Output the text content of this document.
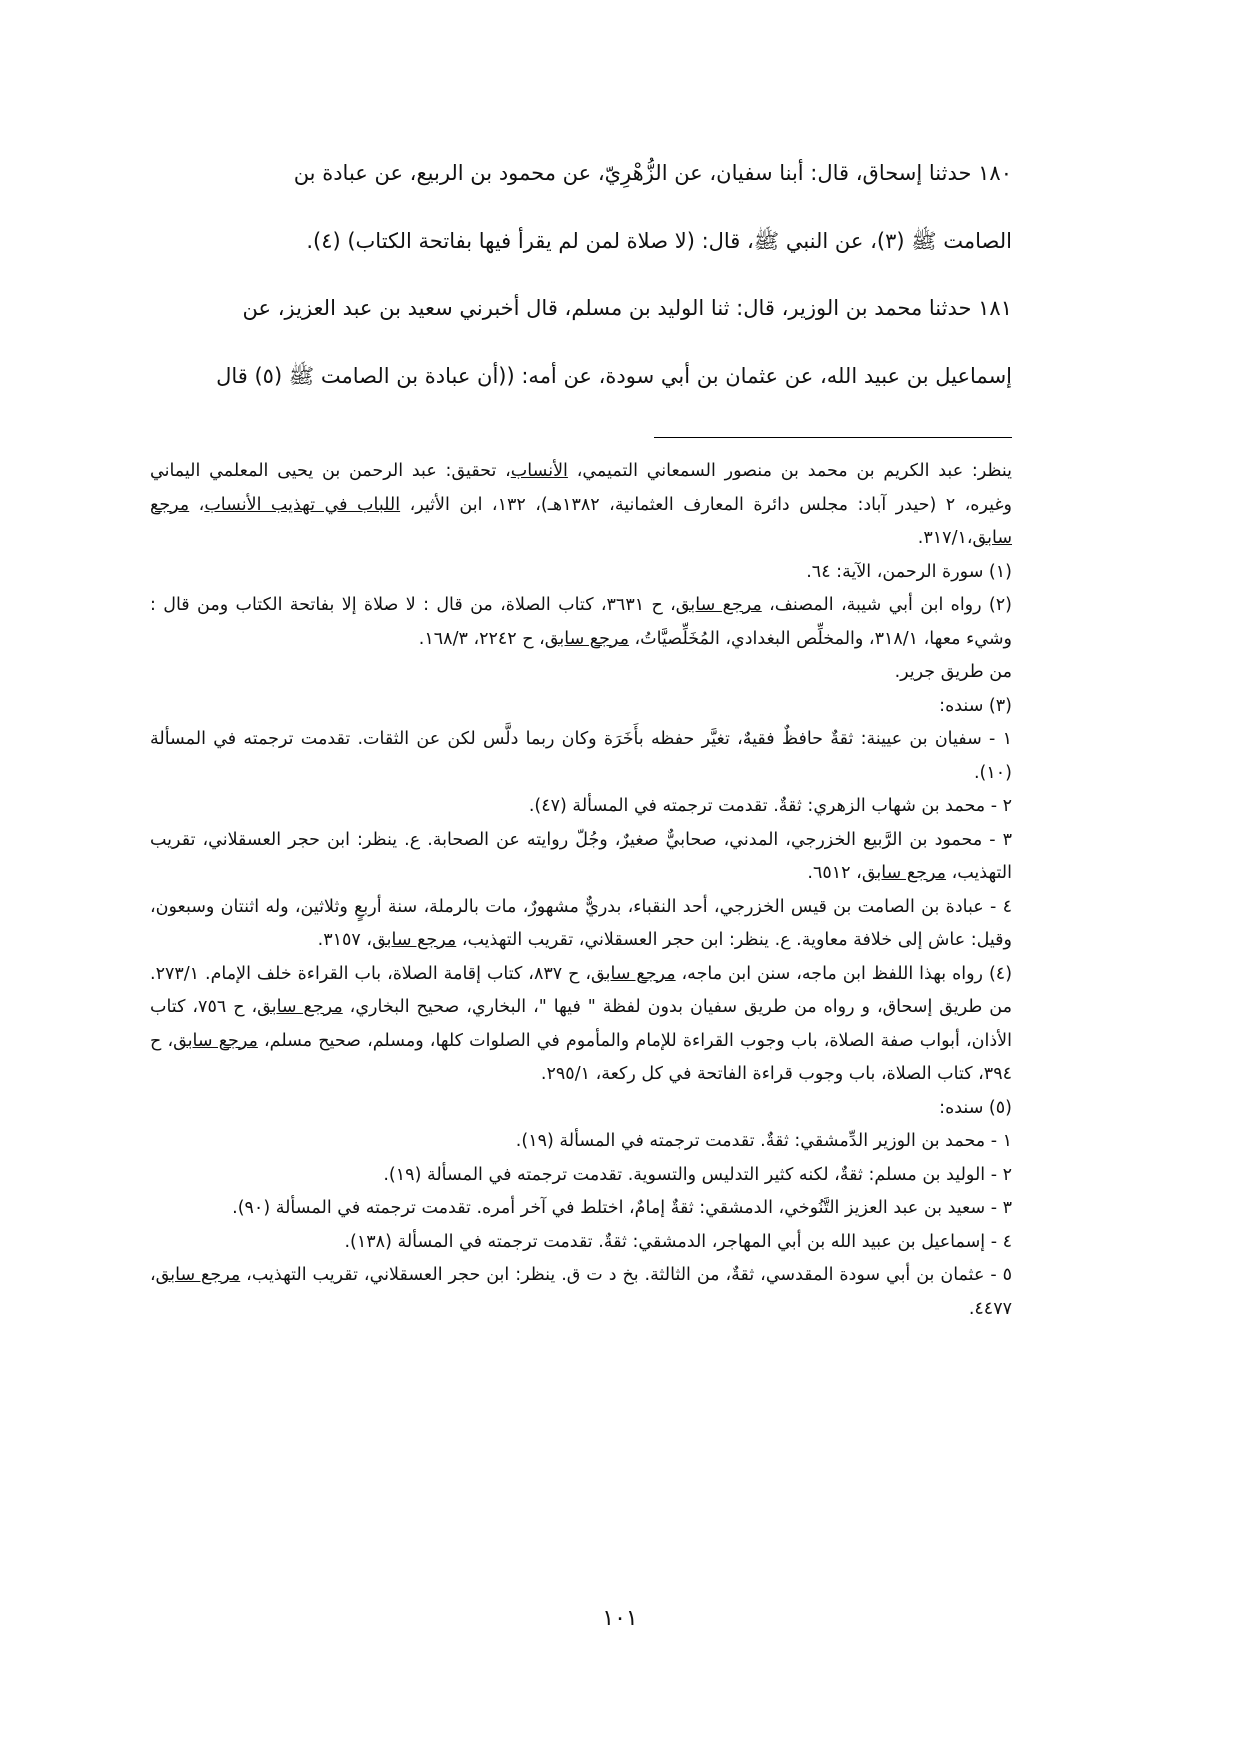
١٨٠ حدثنا إسحاق، قال: أبنا سفيان، عن الزُّهْرِيّ، عن محمود بن الربيع، عن عبادة بن

الصامت ﷺ (٣)، عن النبي ﷺ، قال: (لا صلاة لمن لم يقرأ فيها بفاتحة الكتاب) (٤).

١٨١ حدثنا محمد بن الوزير، قال: ثنا الوليد بن مسلم، قال أخبرني سعيد بن عبد العزيز، عن

إسماعيل بن عبيد الله، عن عثمان بن أبي سودة، عن أمه: ((أن عبادة بن الصامت ﷺ (٥) قال

ينظر: عبد الكريم بن محمد بن منصور السمعاني التميمي، الأنساب، تحقيق: عبد الرحمن بن يحيى المعلمي اليماني وغيره، ٢ (حيدر آباد: مجلس دائرة المعارف العثمانية، ١٣٨٢هـ)، ١٣٢، ابن الأثير، اللباب في تهذيب الأنساب، مرجع سابق،٣١٧/١.

(١) سورة الرحمن، الآية: ٦٤.

(٢) رواه ابن أبي شيبة، المصنف، مرجع سابق، ح ٣٦٣١، كتاب الصلاة، من قال : لا صلاة إلا بفاتحة الكتاب ومن قال : وشيء معها، ٣١٨/١، والمخلِّص البغدادي، المُخَلِّصيَّاتُ، مرجع سابق، ح ٢٢٤٢، ١٦٨/٣.

من طريق جرير.

(٣) سنده:

١ - سفيان بن عيينة: ثقةٌ حافظٌ فقيهٌ، تغيَّر حفظه بأَخَرَة وكان ربما دلَّس لكن عن الثقات. تقدمت ترجمته في المسألة (١٠).

٢ - محمد بن شهاب الزهري: ثقةٌ. تقدمت ترجمته في المسألة (٤٧).

٣ - محمود بن الرَّبيع الخزرجي، المدني، صحابيٌّ صغيرٌ، وجُلّ روايته عن الصحابة. ع. ينظر: ابن حجر العسقلاني، تقريب التهذيب، مرجع سابق، ٦٥١٢.

٤ - عبادة بن الصامت بن قيس الخزرجي، أحد النقباء، بدريٌّ مشهورٌ، مات بالرملة، سنة أربعٍ وثلاثين، وله اثنتان وسبعون، وقيل: عاش إلى خلافة معاوية. ع. ينظر: ابن حجر العسقلاني، تقريب التهذيب، مرجع سابق، ٣١٥٧.

(٤) رواه بهذا اللفظ ابن ماجه، سنن ابن ماجه، مرجع سابق، ح ٨٣٧، كتاب إقامة الصلاة، باب القراءة خلف الإمام. ٢٧٣/١. من طريق إسحاق، و رواه من طريق سفيان بدون لفظة " فيها "، البخاري، صحيح البخاري، مرجع سابق، ح ٧٥٦، كتاب الأذان، أبواب صفة الصلاة، باب وجوب القراءة للإمام والمأموم في الصلوات كلها، ومسلم، صحيح مسلم، مرجع سابق، ح ٣٩٤، كتاب الصلاة، باب وجوب قراءة الفاتحة في كل ركعة، ٢٩٥/١.

(٥) سنده:

١ - محمد بن الوزير الدِّمشقي: ثقةٌ. تقدمت ترجمته في المسألة (١٩).

٢ - الوليد بن مسلم: ثقةٌ، لكنه كثير التدليس والتسوية. تقدمت ترجمته في المسألة (١٩).

٣ - سعيد بن عبد العزيز التَّنُوخي، الدمشقي: ثقةٌ إمامٌ، اختلط في آخر أمره. تقدمت ترجمته في المسألة (٩٠).

٤ - إسماعيل بن عبيد الله بن أبي المهاجر، الدمشقي: ثقةٌ. تقدمت ترجمته في المسألة (١٣٨).

٥ - عثمان بن أبي سودة المقدسي، ثقةٌ، من الثالثة. بخ د ت ق. ينظر: ابن حجر العسقلاني، تقريب التهذيب، مرجع سابق، ٤٤٧٧.

١٠١
